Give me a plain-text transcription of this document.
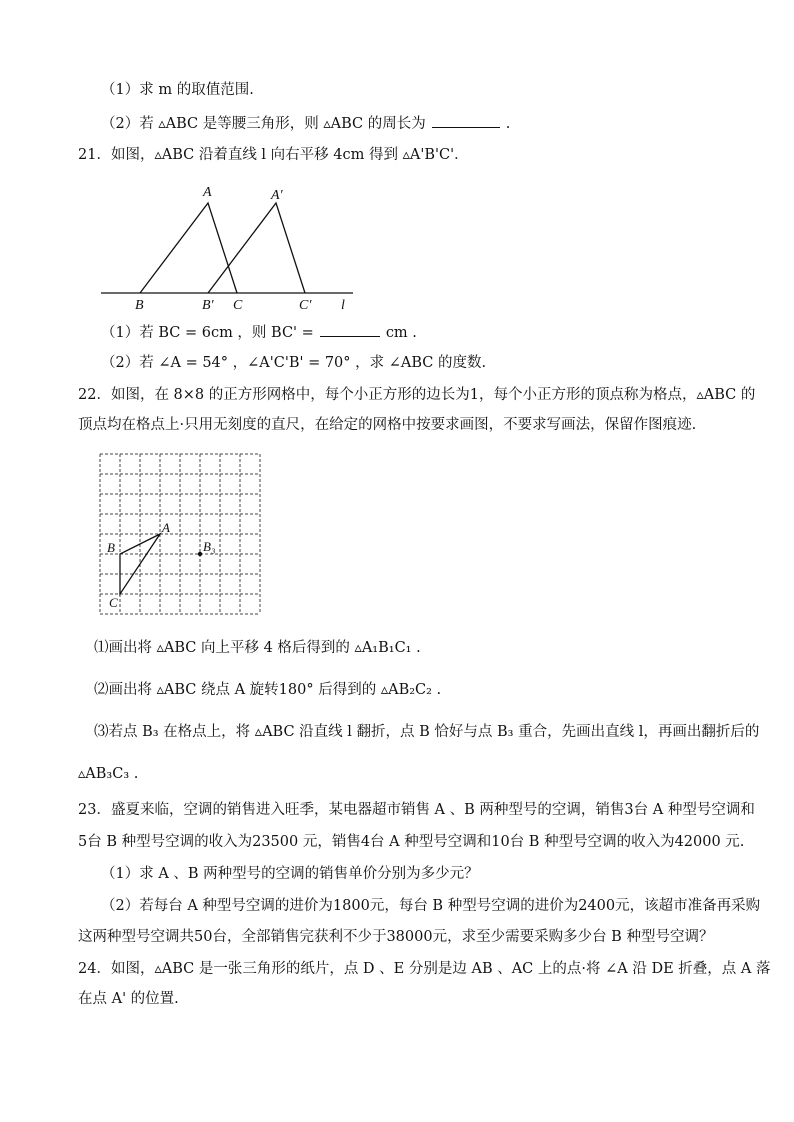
（1）求 m 的取值范围.
（2）若 ▵ABC 是等腰三角形，则 ▵ABC 的周长为	.
21．如图，▵ABC 沿着直线 l 向右平移 4cm 得到 ▵A'B'C'．
A	A′
B	B′ C	C′ l
（1）若 BC = 6cm ，则 BC' =	cm .
（2）若 ∠A = 54° ，∠A'C'B' = 70° ，求 ∠ABC 的度数.
22．如图，在 8×8 的正方形网格中，每个小正方形的边长为1，每个小正方形的顶点称为格点，▵ABC 的
顶点均在格点上·只用无刻度的直尺，在给定的网格中按要求画图，不要求写画法，保留作图痕迹.
A
B
C
B₃
⑴画出将 ▵ABC 向上平移 4 格后得到的 ▵A₁B₁C₁ .
⑵画出将 ▵ABC 绕点 A 旋转180° 后得到的 ▵AB₂C₂ .
⑶若点 B₃ 在格点上，将 ▵ABC 沿直线 l 翻折，点 B 恰好与点 B₃ 重合，先画出直线 l，再画出翻折后的
▵AB₃C₃ .
23．盛夏来临，空调的销售进入旺季，某电器超市销售 A 、B 两种型号的空调，销售3台 A 种型号空调和
5台 B 种型号空调的收入为23500 元，销售4台 A 种型号空调和10台 B 种型号空调的收入为42000 元.
（1）求 A 、B 两种型号的空调的销售单价分别为多少元？
（2）若每台 A 种型号空调的进价为1800元，每台 B 种型号空调的进价为2400元，该超市准备再采购
这两种型号空调共50台，全部销售完获利不少于38000元，求至少需要采购多少台 B 种型号空调？
24．如图，▵ABC 是一张三角形的纸片，点 D 、E 分别是边 AB 、AC 上的点·将 ∠A 沿 DE 折叠，点 A 落
在点 A' 的位置.
